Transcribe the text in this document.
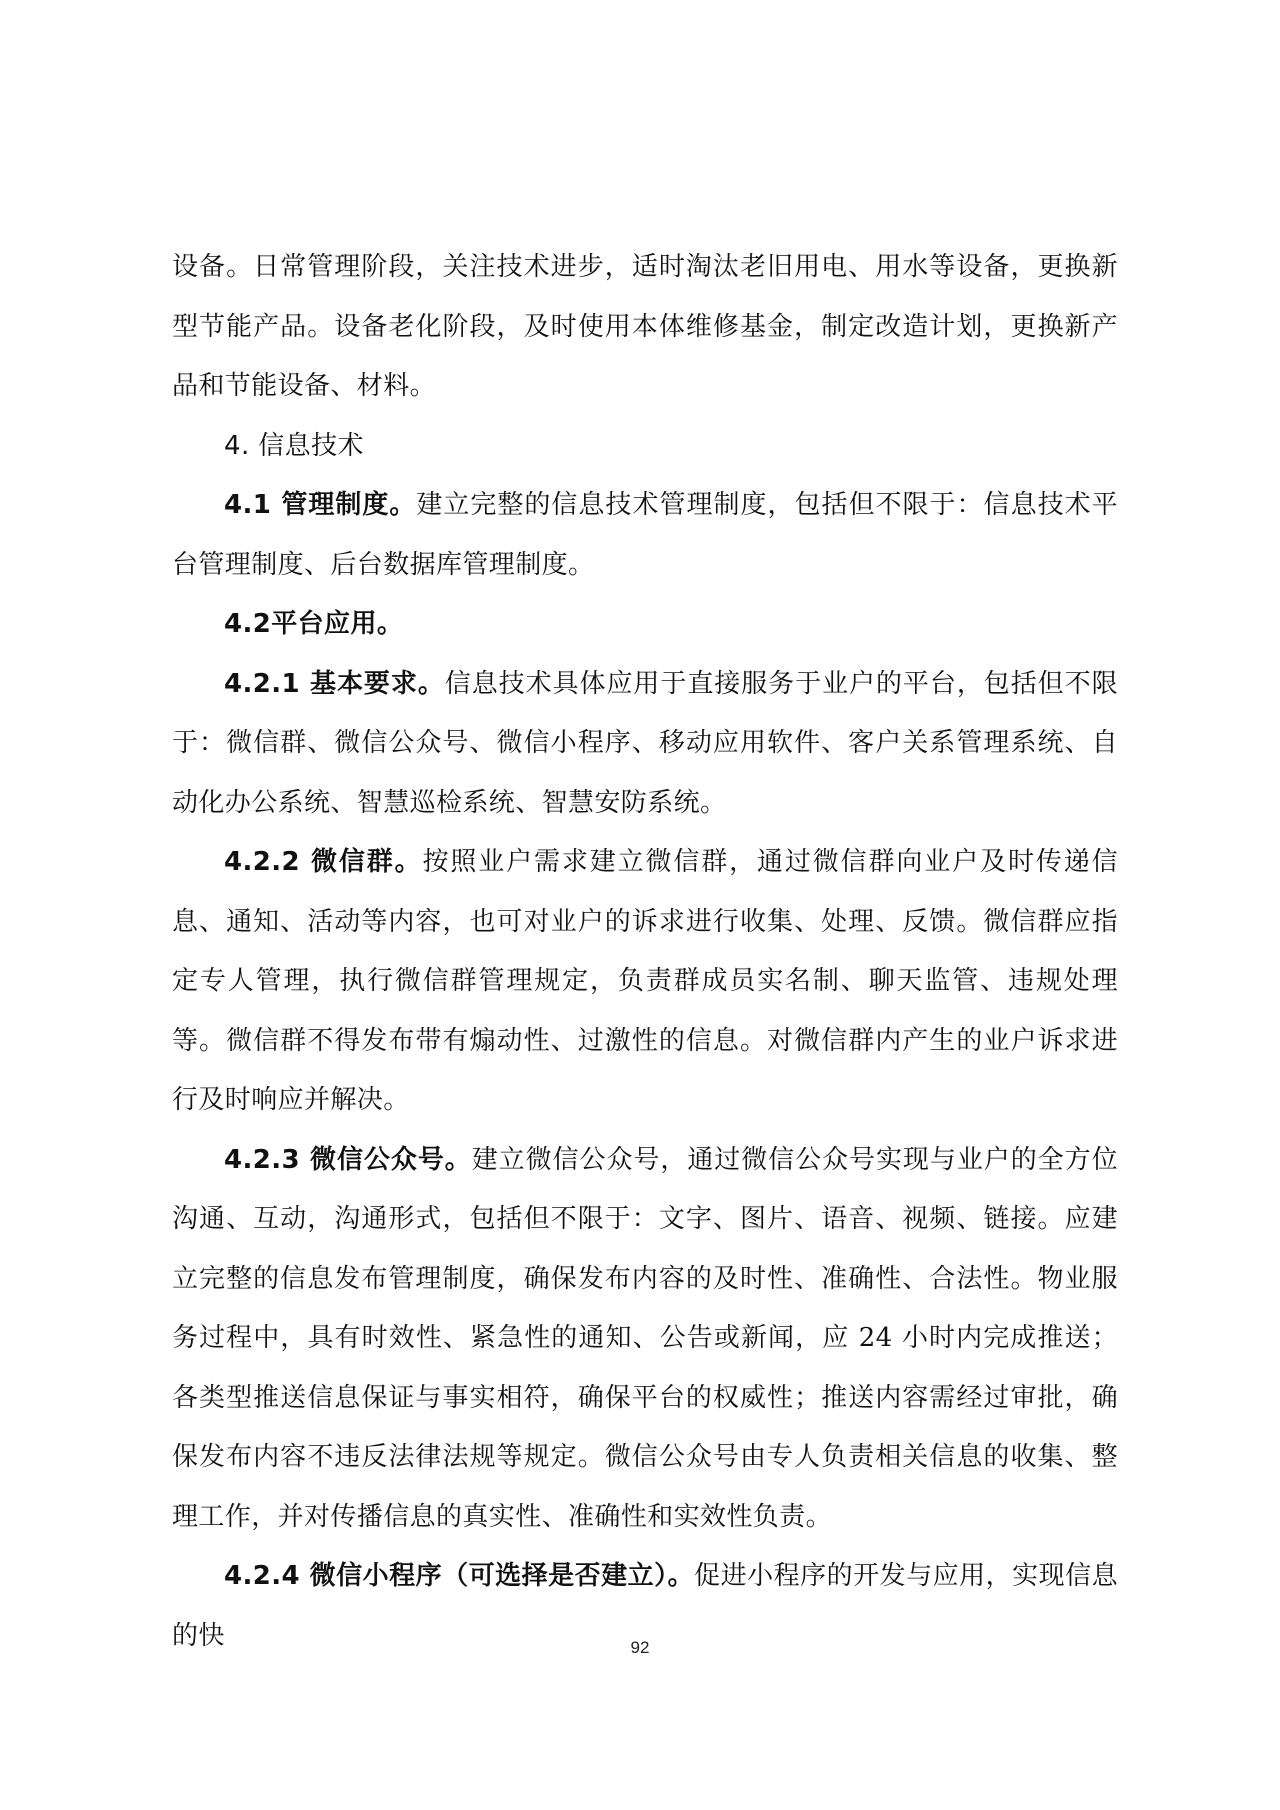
设备。日常管理阶段，关注技术进步，适时淘汰老旧用电、用水等设备，更换新型节能产品。设备老化阶段，及时使用本体维修基金，制定改造计划，更换新产品和节能设备、材料。

4. 信息技术

4.1 管理制度。建立完整的信息技术管理制度，包括但不限于：信息技术平台管理制度、后台数据库管理制度。

4.2平台应用。

4.2.1 基本要求。信息技术具体应用于直接服务于业户的平台，包括但不限于：微信群、微信公众号、微信小程序、移动应用软件、客户关系管理系统、自动化办公系统、智慧巡检系统、智慧安防系统。

4.2.2 微信群。按照业户需求建立微信群，通过微信群向业户及时传递信息、通知、活动等内容，也可对业户的诉求进行收集、处理、反馈。微信群应指定专人管理，执行微信群管理规定，负责群成员实名制、聊天监管、违规处理等。微信群不得发布带有煽动性、过激性的信息。对微信群内产生的业户诉求进行及时响应并解决。

4.2.3 微信公众号。建立微信公众号，通过微信公众号实现与业户的全方位沟通、互动，沟通形式，包括但不限于：文字、图片、语音、视频、链接。应建立完整的信息发布管理制度，确保发布内容的及时性、准确性、合法性。物业服务过程中，具有时效性、紧急性的通知、公告或新闻，应 24 小时内完成推送；各类型推送信息保证与事实相符，确保平台的权威性；推送内容需经过审批，确保发布内容不违反法律法规等规定。微信公众号由专人负责相关信息的收集、整理工作，并对传播信息的真实性、准确性和实效性负责。

4.2.4 微信小程序（可选择是否建立）。促进小程序的开发与应用，实现信息的快	92
